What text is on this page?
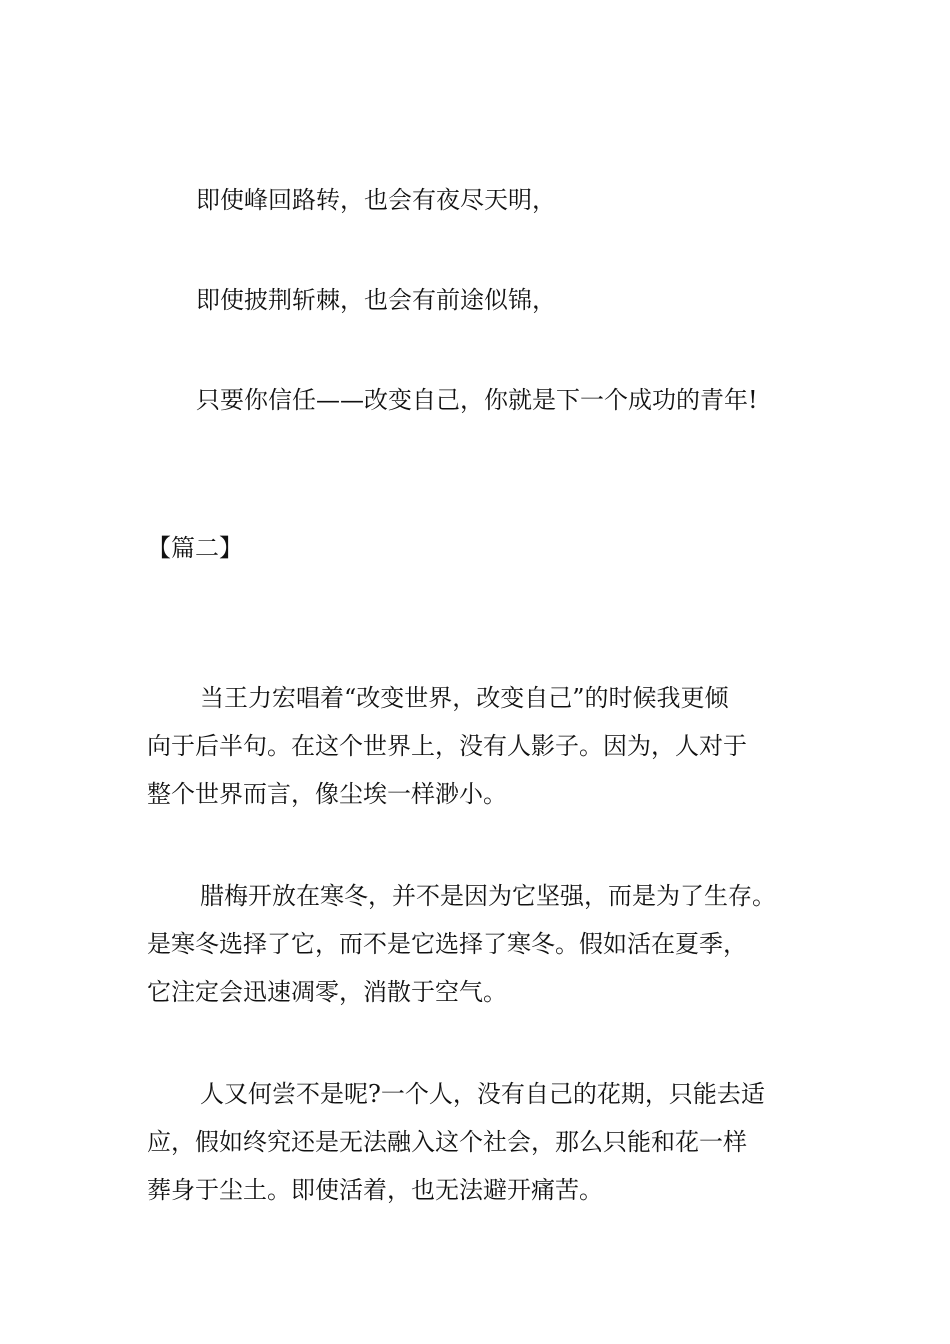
即使峰回路转，也会有夜尽天明，

即使披荆斩棘，也会有前途似锦，

只要你信任——改变自己，你就是下一个成功的青年!

【篇二】

当王力宏唱着“改变世界，改变自己”的时候我更倾
向于后半句。在这个世界上，没有人影子。因为，人对于
整个世界而言，像尘埃一样渺小。
腊梅开放在寒冬，并不是因为它坚强，而是为了生存。
是寒冬选择了它，而不是它选择了寒冬。假如活在夏季，
它注定会迅速凋零，消散于空气。
人又何尝不是呢?一个人，没有自己的花期，只能去适
应，假如终究还是无法融入这个社会，那么只能和花一样
葬身于尘土。即使活着，也无法避开痛苦。
